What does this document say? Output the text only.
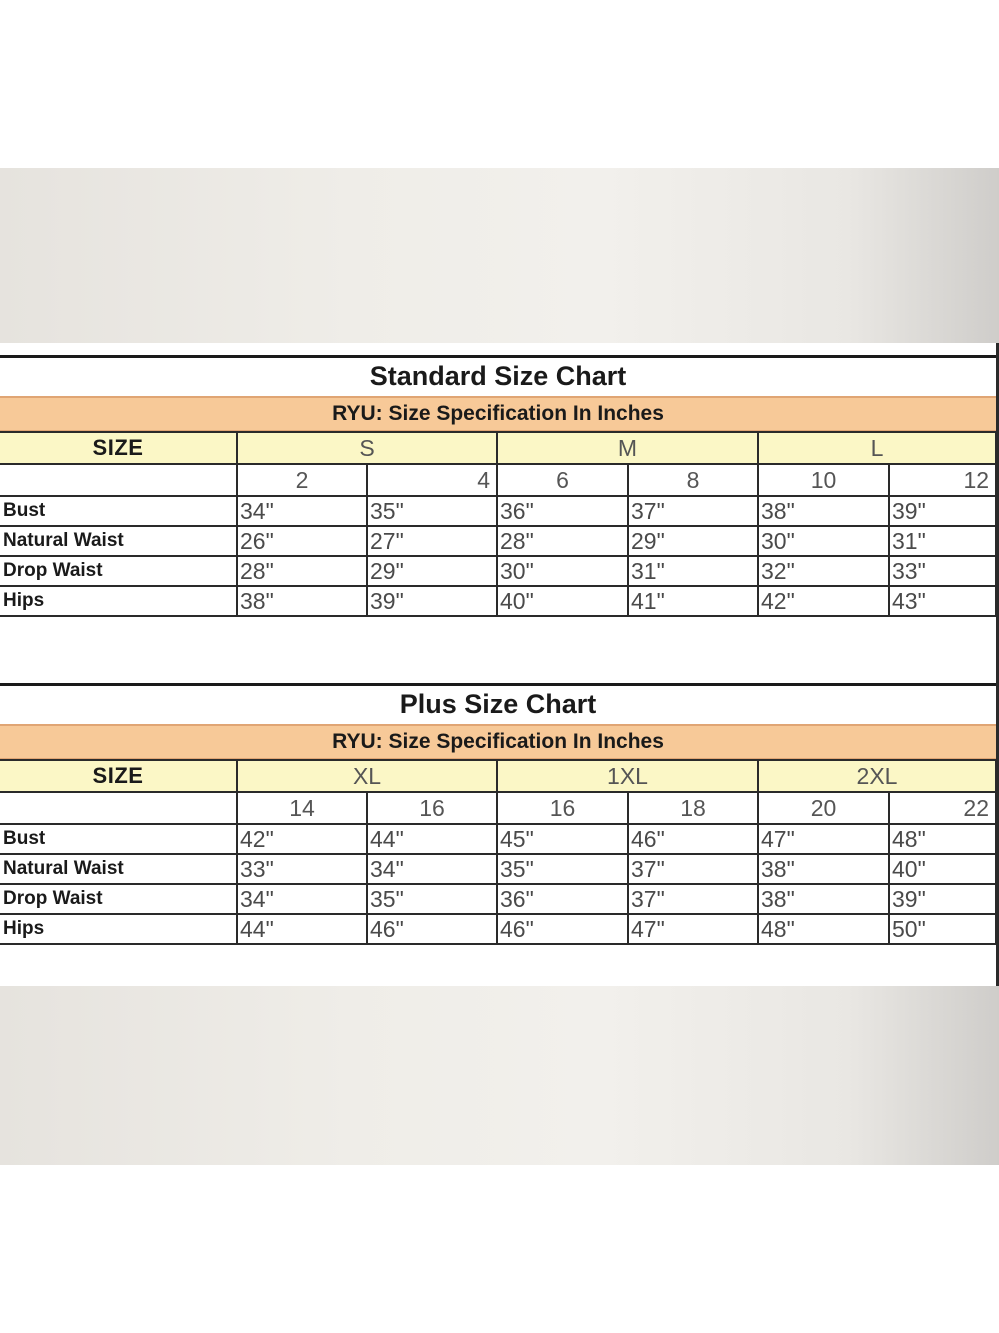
Standard Size Chart
RYU: Size Specification In Inches
SIZE	S		M		L	
	2	4	6	8	10	12
Bust	34"	35"	36"	37"	38"	39"
Natural Waist	26"	27"	28"	29"	30"	31"
Drop Waist	28"	29"	30"	31"	32"	33"
Hips	38"	39"	40"	41"	42"	43"
Plus Size Chart
RYU: Size Specification In Inches
SIZE	XL		1XL		2XL	
	14	16	16	18	20	22
Bust	42"	44"	45"	46"	47"	48"
Natural Waist	33"	34"	35"	37"	38"	40"
Drop Waist	34"	35"	36"	37"	38"	39"
Hips	44"	46"	46"	47"	48"	50"
